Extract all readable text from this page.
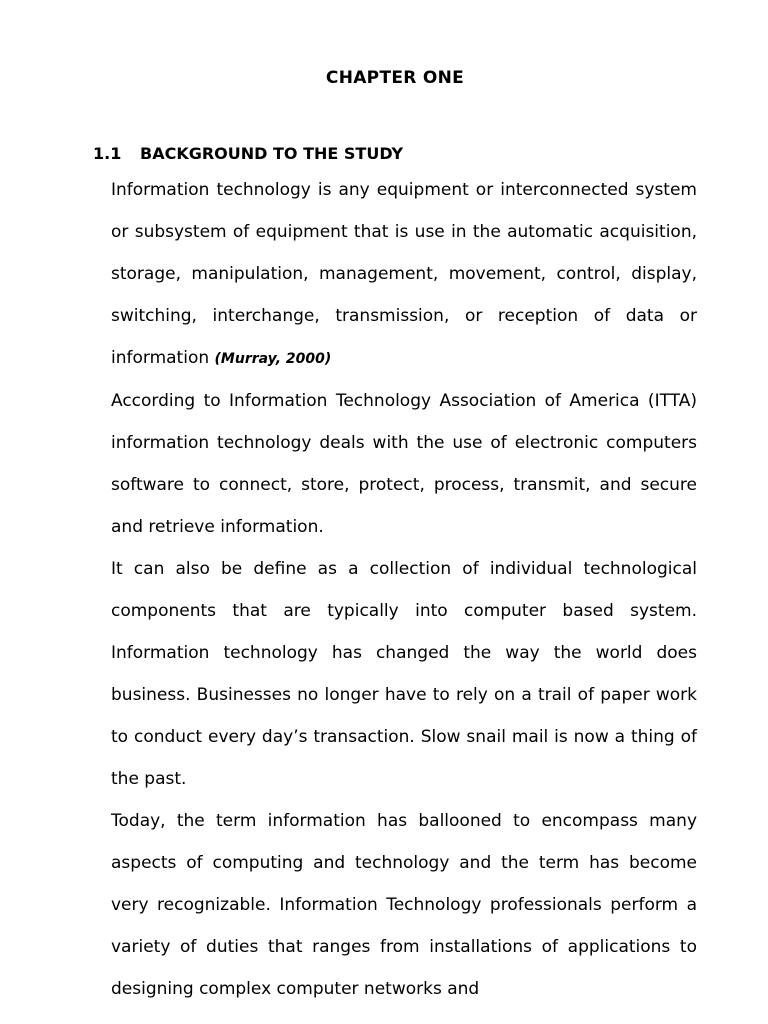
CHAPTER ONE
1.1 BACKGROUND TO THE STUDY

Information technology is any equipment or interconnected system or subsystem of equipment that is use in the automatic acquisition, storage, manipulation, management, movement, control, display, switching, interchange, transmission, or reception of data or information (Murray, 2000)

According to Information Technology Association of America (ITTA) information technology deals with the use of electronic computers software to connect, store, protect, process, transmit, and secure and retrieve information.

It can also be define as a collection of individual technological components that are typically into computer based system. Information technology has changed the way the world does business. Businesses no longer have to rely on a trail of paper work to conduct every day’s transaction. Slow snail mail is now a thing of the past.

Today, the term information has ballooned to encompass many aspects of computing and technology and the term has become very recognizable. Information Technology professionals perform a variety of duties that ranges from installations of applications to designing complex computer networks and
